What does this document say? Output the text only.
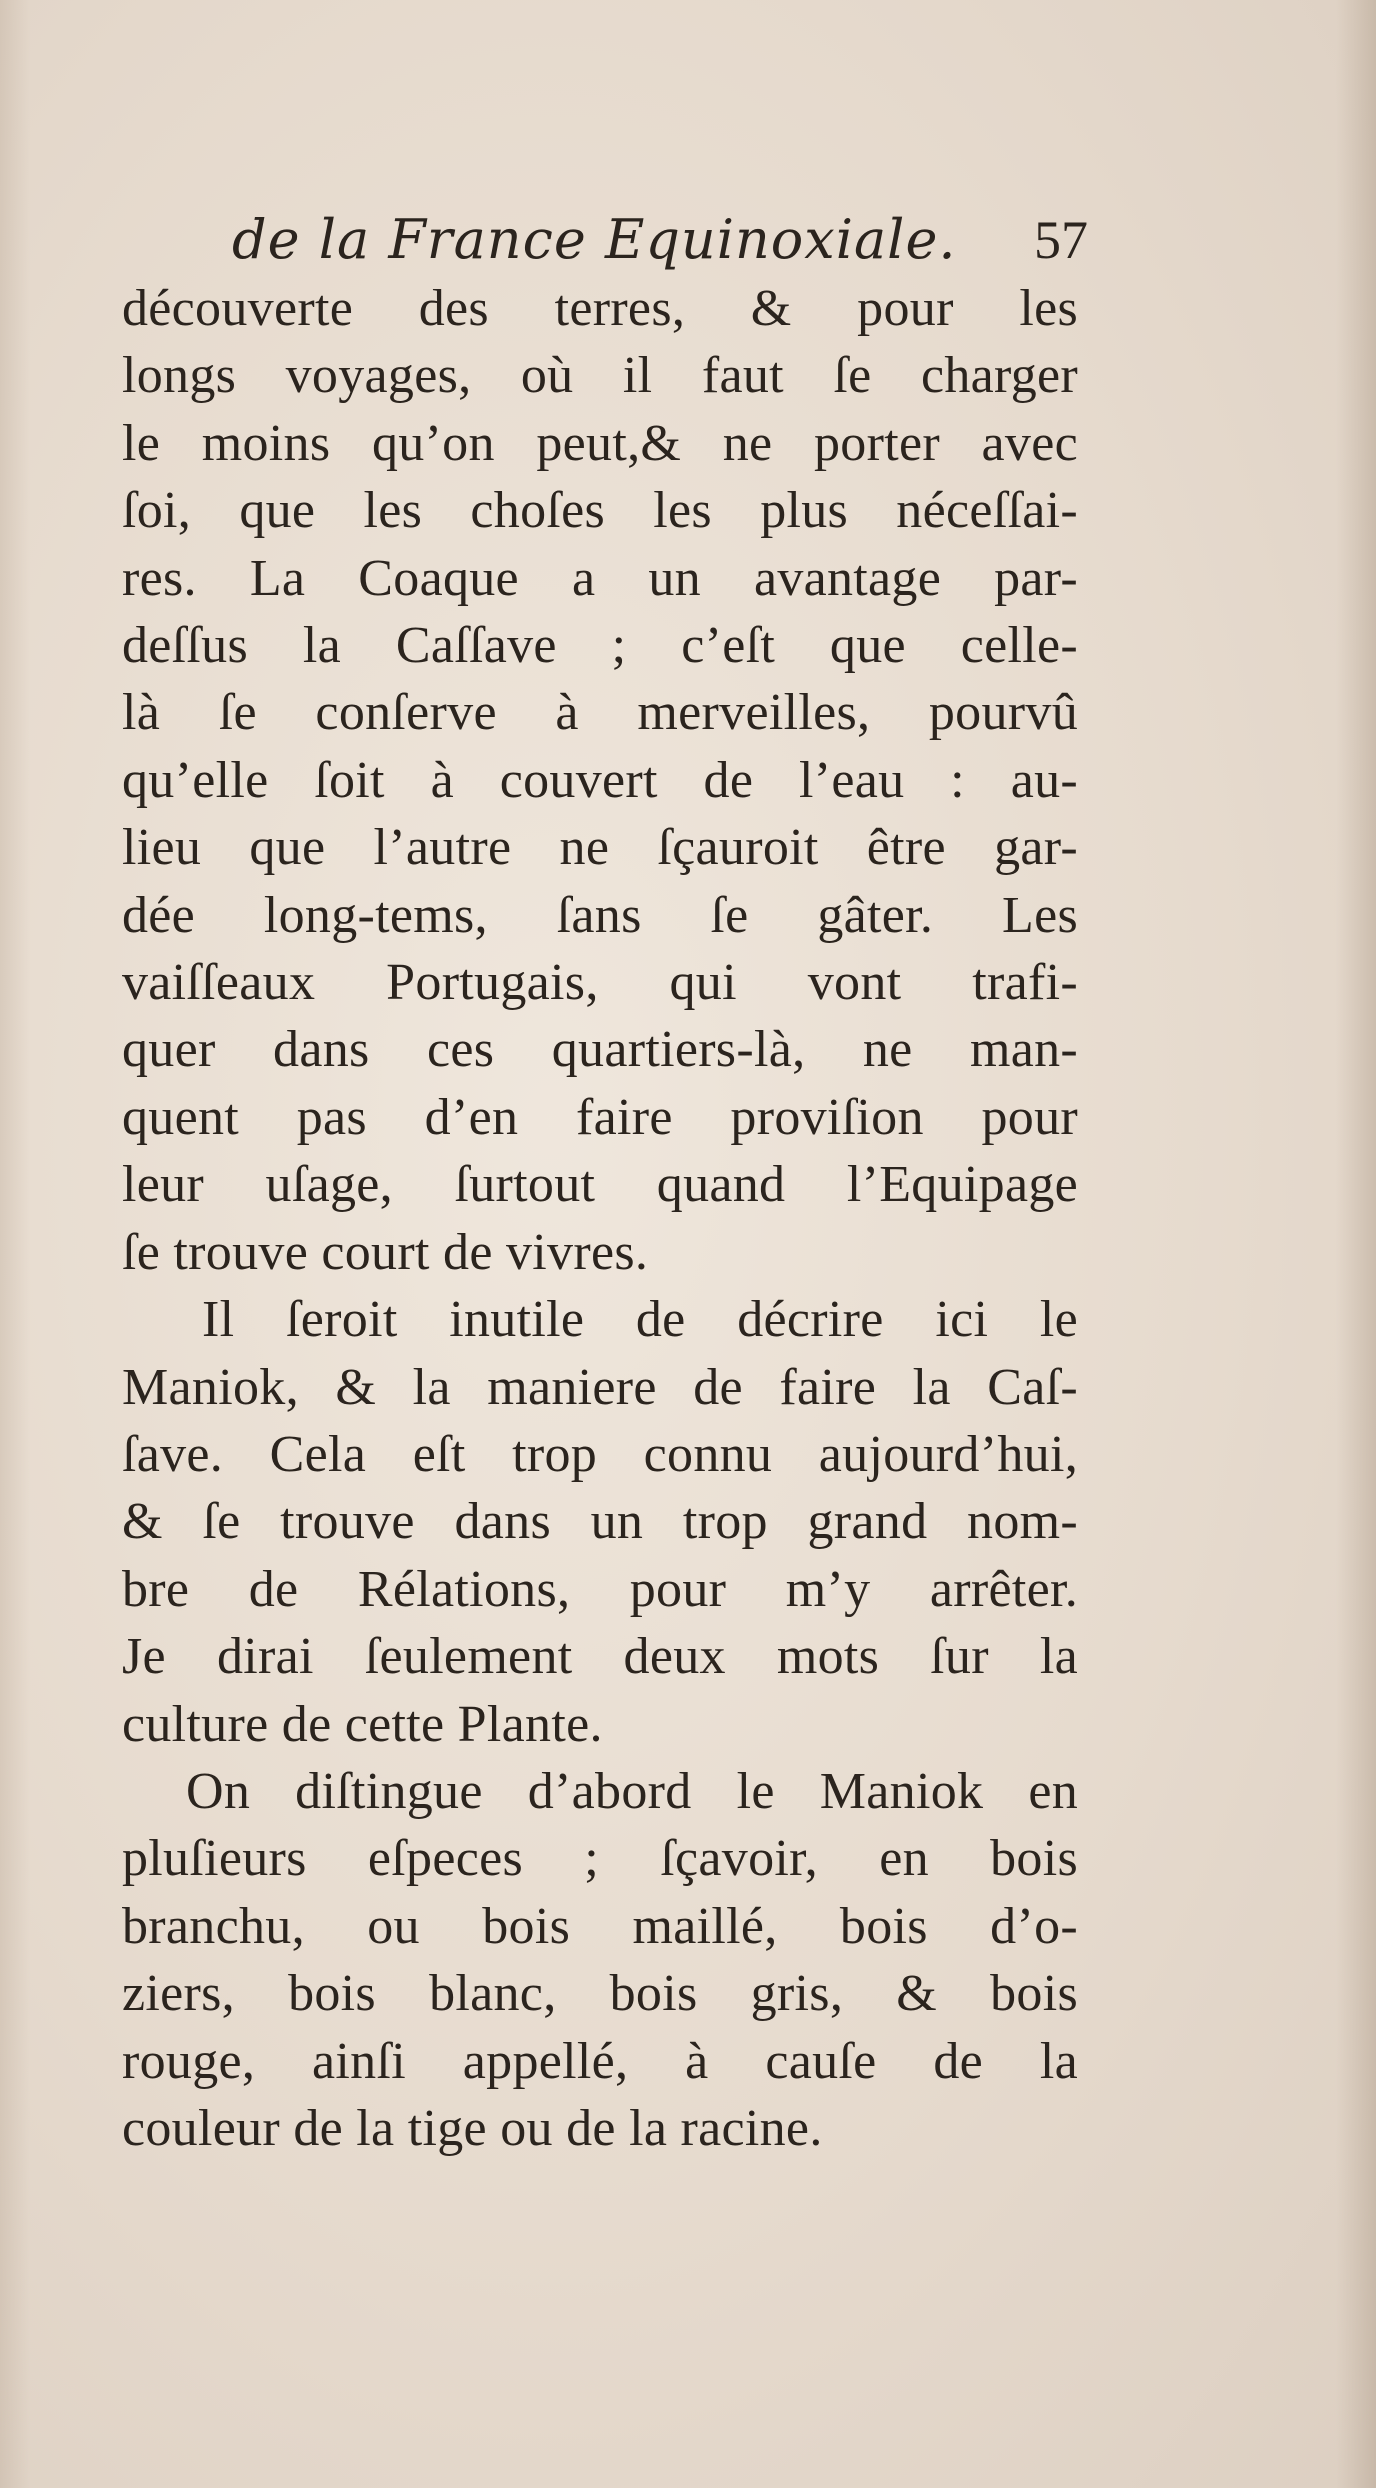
de la France Equinoxiale. 57
découverte des terres, & pour les
longs voyages, où il faut ſe charger
le moins qu’on peut,& ne porter avec
ſoi, que les choſes les plus néceſſai-
res. La Coaque a un avantage par-
deſſus la Caſſave ; c’eſt que celle-
là ſe conſerve à merveilles, pourvû
qu’elle ſoit à couvert de l’eau : au-
lieu que l’autre ne ſçauroit être gar-
dée long-tems, ſans ſe gâter. Les
vaiſſeaux Portugais, qui vont trafi-
quer dans ces quartiers-là, ne man-
quent pas d’en faire proviſion pour
leur uſage, ſurtout quand l’Equipage
ſe trouve court de vivres.
Il ſeroit inutile de décrire ici le
Maniok, & la maniere de faire la Caſ-
ſave. Cela eſt trop connu aujourd’hui,
& ſe trouve dans un trop grand nom-
bre de Rélations, pour m’y arrêter.
Je dirai ſeulement deux mots ſur la
culture de cette Plante.
On diſtingue d’abord le Maniok en
pluſieurs eſpeces ; ſçavoir, en bois
branchu, ou bois maillé, bois d’o-
ziers, bois blanc, bois gris, & bois
rouge, ainſi appellé, à cauſe de la
couleur de la tige ou de la racine.
